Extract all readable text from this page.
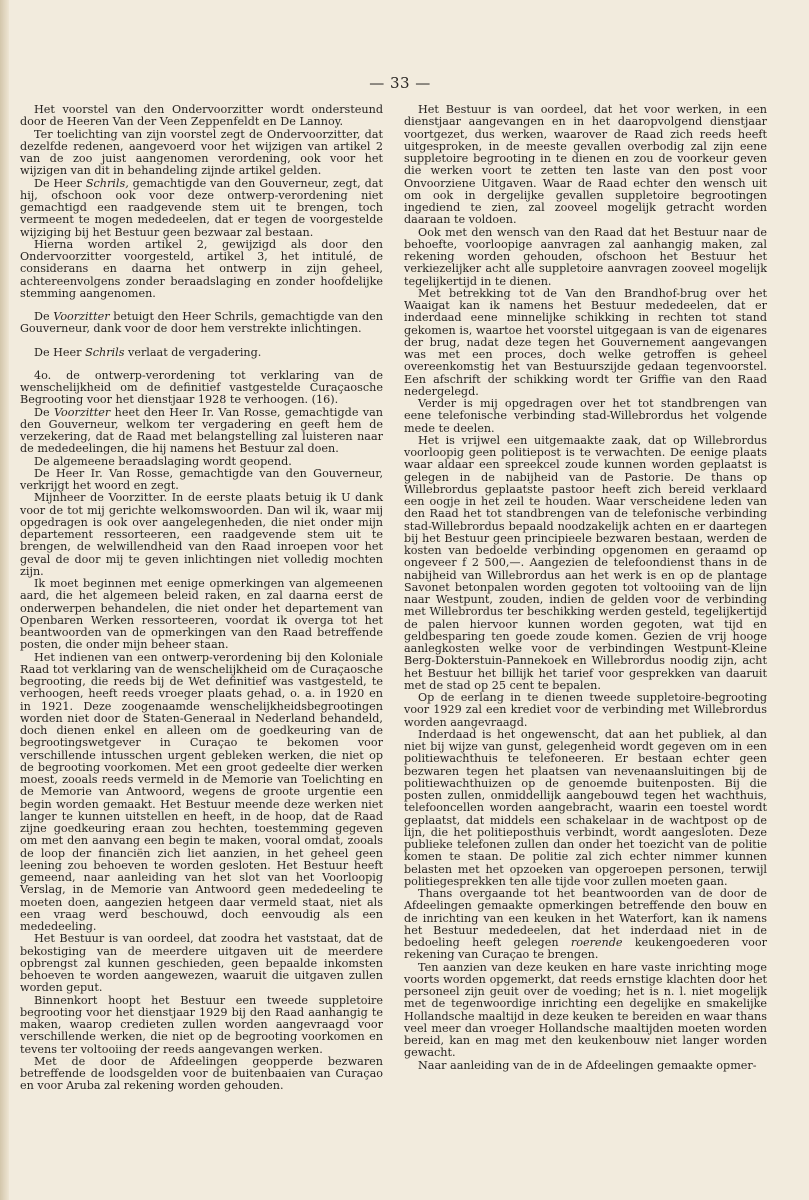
— 33 —

Het voorstel van den Ondervoorzitter wordt ondersteund door de Heeren Van der Veen Zeppenfeldt en De Lannoy.

Ter toelichting van zijn voorstel zegt de Ondervoorzitter, dat dezelfde redenen, aangevoerd voor het wijzigen van artikel 2 van de zoo juist aangenomen verordening, ook voor het wijzigen van dit in behandeling zijnde artikel gelden.

De Heer Schrils, gemachtigde van den Gouverneur, zegt, dat hij, ofschoon ook voor deze ontwerp-verordening niet gemachtigd een raadgevende stem uit te brengen, toch vermeent te mogen mededeelen, dat er tegen de voorgestelde wijziging bij het Bestuur geen bezwaar zal bestaan.

Hierna worden artikel 2, gewijzigd als door den Ondervoorzitter voorgesteld, artikel 3, het intitulé, de considerans en daarna het ontwerp in zijn geheel, achtereenvolgens zonder beraadslaging en zonder hoofdelijke stemming aangenomen.

De Voorzitter betuigt den Heer Schrils, gemachtigde van den Gouverneur, dank voor de door hem verstrekte inlichtingen.

De Heer Schrils verlaat de vergadering.

4o. de ontwerp-verordening tot verklaring van de wenschelijkheid om de definitief vastgestelde Curaçaosche Begrooting voor het dienstjaar 1928 te verhoogen. (16).

De Voorzitter heet den Heer Ir. Van Rosse, gemachtigde van den Gouverneur, welkom ter vergadering en geeft hem de verzekering, dat de Raad met belangstelling zal luisteren naar de mededeelingen, die hij namens het Bestuur zal doen.

De algemeene beraadslaging wordt geopend.

De Heer Ir. Van Rosse, gemachtigde van den Gouverneur, verkrijgt het woord en zegt.

Mijnheer de Voorzitter. In de eerste plaats betuig ik U dank voor de tot mij gerichte welkomswoorden. Dan wil ik, waar mij opgedragen is ook over aangelegenheden, die niet onder mijn departement ressorteeren, een raadgevende stem uit te brengen, de welwillendheid van den Raad inroepen voor het geval de door mij te geven inlichtingen niet volledig mochten zijn.

Ik moet beginnen met eenige opmerkingen van algemeenen aard, die het algemeen beleid raken, en zal daarna eerst de onderwerpen behandelen, die niet onder het departement van Openbaren Werken ressorteeren, voordat ik overga tot het beantwoorden van de opmerkingen van den Raad betreffende posten, die onder mijn beheer staan.

Het indienen van een ontwerp-verordening bij den Koloniale Raad tot verklaring van de wenschelijkheid om de Curaçaosche begrooting, die reeds bij de Wet definitief was vastgesteld, te verhoogen, heeft reeds vroeger plaats gehad, o. a. in 1920 en in 1921. Deze zoogenaamde wenschelijkheidsbegrootingen worden niet door de Staten-Generaal in Nederland behandeld, doch dienen enkel en alleen om de goedkeuring van de begrootingswetgever in Curaçao te bekomen voor verschillende intusschen urgent gebleken werken, die niet op de begrooting voorkomen. Met een groot gedeelte dier werken moest, zooals reeds vermeld in de Memorie van Toelichting en de Memorie van Antwoord, wegens de groote urgentie een begin worden gemaakt. Het Bestuur meende deze werken niet langer te kunnen uitstellen en heeft, in de hoop, dat de Raad zijne goedkeuring eraan zou hechten, toestemming gegeven om met den aanvang een begin te maken, vooral omdat, zooals de loop der financiën zich liet aanzien, in het geheel geen leening zou behoeven te worden gesloten. Het Bestuur heeft gemeend, naar aanleiding van het slot van het Voorloopig Verslag, in de Memorie van Antwoord geen mededeeling te moeten doen, aangezien hetgeen daar vermeld staat, niet als een vraag werd beschouwd, doch eenvoudig als een mededeeling.

Het Bestuur is van oordeel, dat zoodra het vaststaat, dat de bekostiging van de meerdere uitgaven uit de meerdere opbrengst zal kunnen geschieden, geen bepaalde inkomsten behoeven te worden aangewezen, waaruit die uitgaven zullen worden geput.

Binnenkort hoopt het Bestuur een tweede suppletoire begrooting voor het dienstjaar 1929 bij den Raad aanhangig te maken, waarop credieten zullen worden aangevraagd voor verschillende werken, die niet op de begrooting voorkomen en tevens ter voltooiing der reeds aangevangen werken.

Met de door de Afdeelingen geopperde bezwaren betreffende de loodsgelden voor de buitenbaaien van Curaçao en voor Aruba zal rekening worden gehouden.

Het Bestuur is van oordeel, dat het voor werken, in een dienstjaar aangevangen en in het daaropvolgend dienstjaar voortgezet, dus werken, waarover de Raad zich reeds heeft uitgesproken, in de meeste gevallen overbodig zal zijn eene suppletoire begrooting in te dienen en zou de voorkeur geven die werken voort te zetten ten laste van den post voor Onvoorziene Uitgaven. Waar de Raad echter den wensch uit om ook in dergelijke gevallen suppletoire begrootingen ingediend te zien, zal zooveel mogelijk getracht worden daaraan te voldoen.

Ook met den wensch van den Raad dat het Bestuur naar de behoefte, voorloopige aanvragen zal aanhangig maken, zal rekening worden gehouden, ofschoon het Bestuur het verkiezelijker acht alle suppletoire aanvragen zooveel mogelijk tegelijkertijd in te dienen.

Met betrekking tot de Van den Brandhof-brug over het Waaigat kan ik namens het Bestuur mededeelen, dat er inderdaad eene minnelijke schikking in rechten tot stand gekomen is, waartoe het voorstel uitgegaan is van de eigenares der brug, nadat deze tegen het Gouvernement aangevangen was met een proces, doch welke getroffen is geheel overeenkomstig het van Bestuurszijde gedaan tegenvoorstel. Een afschrift der schikking wordt ter Griffie van den Raad nedergelegd.

Verder is mij opgedragen over het tot standbrengen van eene telefonische verbinding stad-Willebrordus het volgende mede te deelen.

Het is vrijwel een uitgemaakte zaak, dat op Willebrordus voorloopig geen politiepost is te verwachten. De eenige plaats waar aldaar een spreekcel zoude kunnen worden geplaatst is gelegen in de nabijheid van de Pastorie. De thans op Willebrordus geplaatste pastoor heeft zich bereid verklaard een oogje in het zeil te houden. Waar verscheidene leden van den Raad het tot standbrengen van de telefonische verbinding stad-Willebrordus bepaald noodzakelijk achten en er daartegen bij het Bestuur geen principieele bezwaren bestaan, werden de kosten van bedoelde verbinding opgenomen en geraamd op ongeveer f 2 500,—. Aangezien de telefoondienst thans in de nabijheid van Willebrordus aan het werk is en op de plantage Savonet betonpalen worden gegoten tot voltooiing van de lijn naar Westpunt, zouden, indien de gelden voor de verbinding met Willebrordus ter beschikking werden gesteld, tegelijkertijd de palen hiervoor kunnen worden gegoten, wat tijd en geldbesparing ten goede zoude komen. Gezien de vrij hooge aanlegkosten welke voor de verbindingen Westpunt-Kleine Berg-Dokterstuin-Pannekoek en Willebrordus noodig zijn, acht het Bestuur het billijk het tarief voor gesprekken van daaruit met de stad op 25 cent te bepalen.

Op de eerlang in te dienen tweede suppletoire-begrooting voor 1929 zal een krediet voor de verbinding met Willebrordus worden aangevraagd.

Inderdaad is het ongewenscht, dat aan het publiek, al dan niet bij wijze van gunst, gelegenheid wordt gegeven om in een politiewachthuis te telefoneeren. Er bestaan echter geen bezwaren tegen het plaatsen van nevenaansluitingen bij de politiewachthuizen op de genoemde buitenposten. Bij die posten zullen, onmiddellijk aangebouwd tegen het wachthuis, telefooncellen worden aangebracht, waarin een toestel wordt geplaatst, dat middels een schakelaar in de wachtpost op de lijn, die het politieposthuis verbindt, wordt aangesloten. Deze publieke telefonen zullen dan onder het toezicht van de politie komen te staan. De politie zal zich echter nimmer kunnen belasten met het opzoeken van opgeroepen personen, terwijl politiegesprekken ten alle tijde voor zullen moeten gaan.

Thans overgaande tot het beantwoorden van de door de Afdeelingen gemaakte opmerkingen betreffende den bouw en de inrichting van een keuken in het Waterfort, kan ik namens het Bestuur mededeelen, dat het inderdaad niet in de bedoeling heeft gelegen roerende keukengoederen voor rekening van Curaçao te brengen.

Ten aanzien van deze keuken en hare vaste inrichting moge voorts worden opgemerkt, dat reeds ernstige klachten door het personeel zijn geuit over de voeding; het is n. l. niet mogelijk met de tegenwoordige inrichting een degelijke en smakelijke Hollandsche maaltijd in deze keuken te bereiden en waar thans veel meer dan vroeger Hollandsche maaltijden moeten worden bereid, kan en mag met den keukenbouw niet langer worden gewacht.

Naar aanleiding van de in de Afdeelingen gemaakte opmer-
